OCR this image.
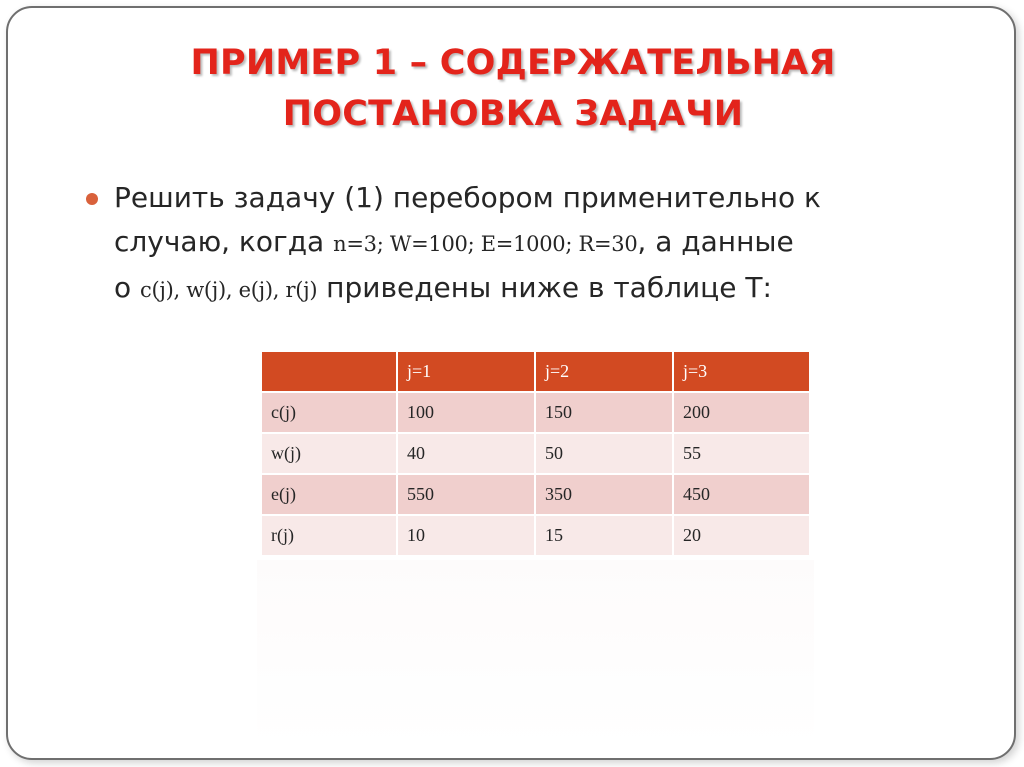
ПРИМЕР 1 – СОДЕРЖАТЕЛЬНАЯ
ПОСТАНОВКА ЗАДАЧИ
Решить задачу (1) перебором применительно к
случаю, когда n=3; W=100; E=1000; R=30, а данные
о c(j), w(j), e(j), r(j) приведены ниже в таблице Т:
	j=1	j=2	j=3
c(j)	100	150	200
w(j)	40	50	55
e(j)	550	350	450
r(j)	10	15	20
